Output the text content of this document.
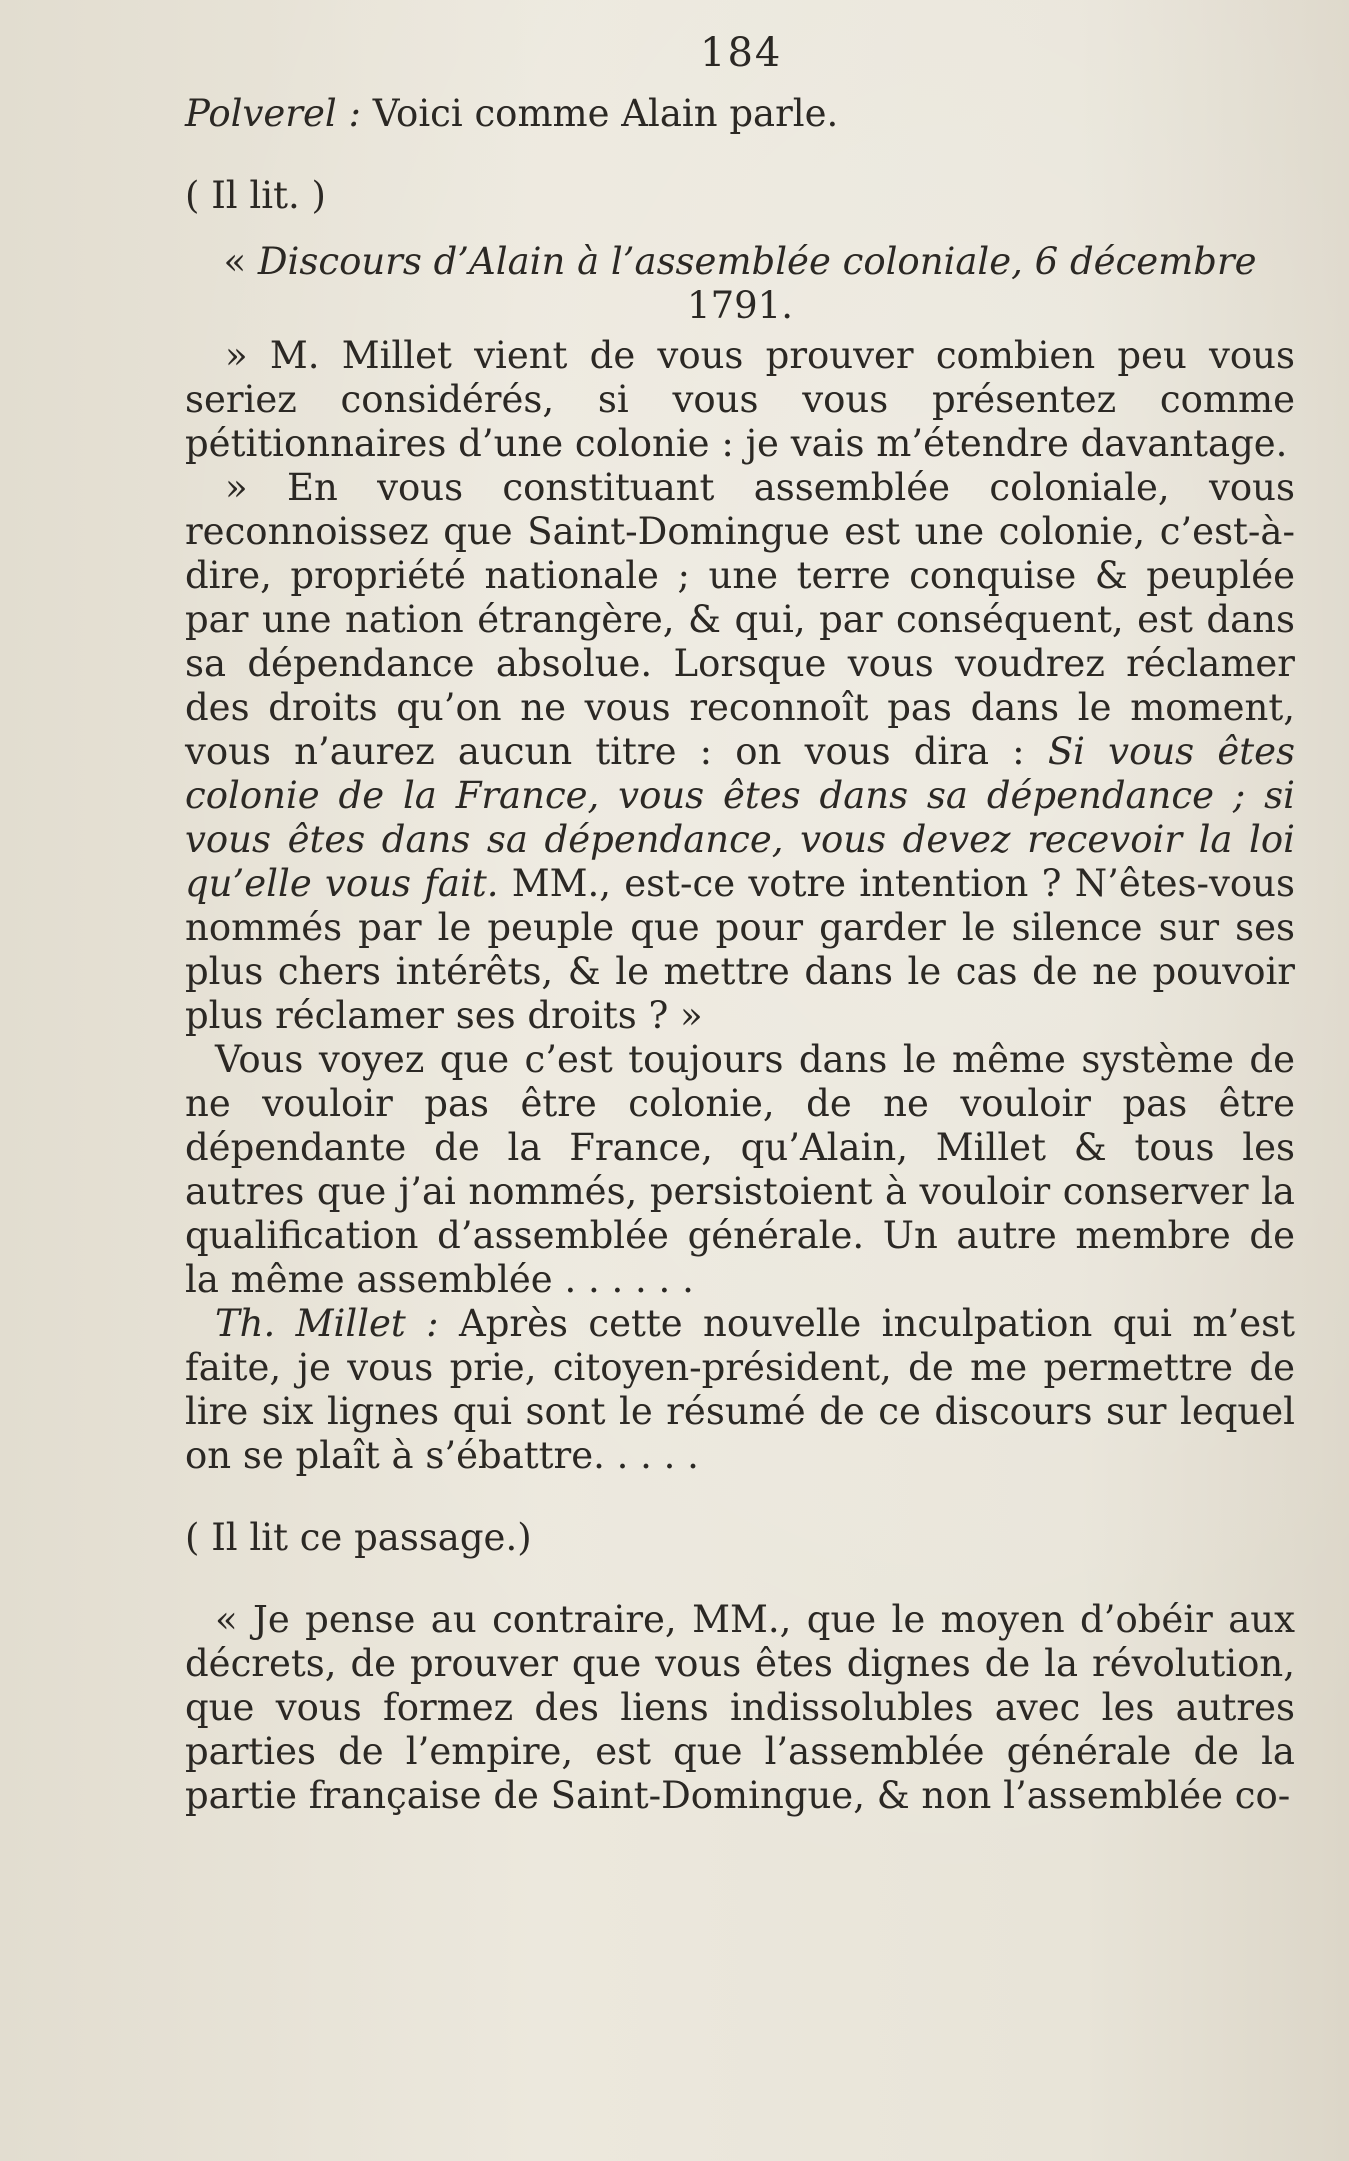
184

Polverel : Voici comme Alain parle.

( Il lit. )

« Discours d’Alain à l’assemblée coloniale, 6 décembre
1791.

» M. Millet vient de vous prouver combien peu vous seriez considérés, si vous vous présentez comme pétitionnaires d’une colonie : je vais m’étendre davantage.

» En vous constituant assemblée coloniale, vous reconnoissez que Saint-Domingue est une colonie, c’est-à-dire, propriété nationale ; une terre conquise & peuplée par une nation étrangère, & qui, par conséquent, est dans sa dépendance absolue. Lorsque vous voudrez réclamer des droits qu’on ne vous reconnoît pas dans le moment, vous n’aurez aucun titre : on vous dira : Si vous êtes colonie de la France, vous êtes dans sa dépendance ; si vous êtes dans sa dépendance, vous devez recevoir la loi qu’elle vous fait. MM., est-ce votre intention ? N’êtes-vous nommés par le peuple que pour garder le silence sur ses plus chers intérêts, & le mettre dans le cas de ne pouvoir plus réclamer ses droits ? »

Vous voyez que c’est toujours dans le même système de ne vouloir pas être colonie, de ne vouloir pas être dépendante de la France, qu’Alain, Millet & tous les autres que j’ai nommés, persistoient à vouloir conserver la qualification d’assemblée générale. Un autre membre de la même assemblée . . . . . .

Th. Millet : Après cette nouvelle inculpation qui m’est faite, je vous prie, citoyen-président, de me permettre de lire six lignes qui sont le résumé de ce discours sur lequel on se plaît à s’ébattre. . . . .

( Il lit ce passage.)

« Je pense au contraire, MM., que le moyen d’obéir aux décrets, de prouver que vous êtes dignes de la révolution, que vous formez des liens indissolubles avec les autres parties de l’empire, est que l’assemblée générale de la partie française de Saint-Domingue, & non l’assemblée co-
